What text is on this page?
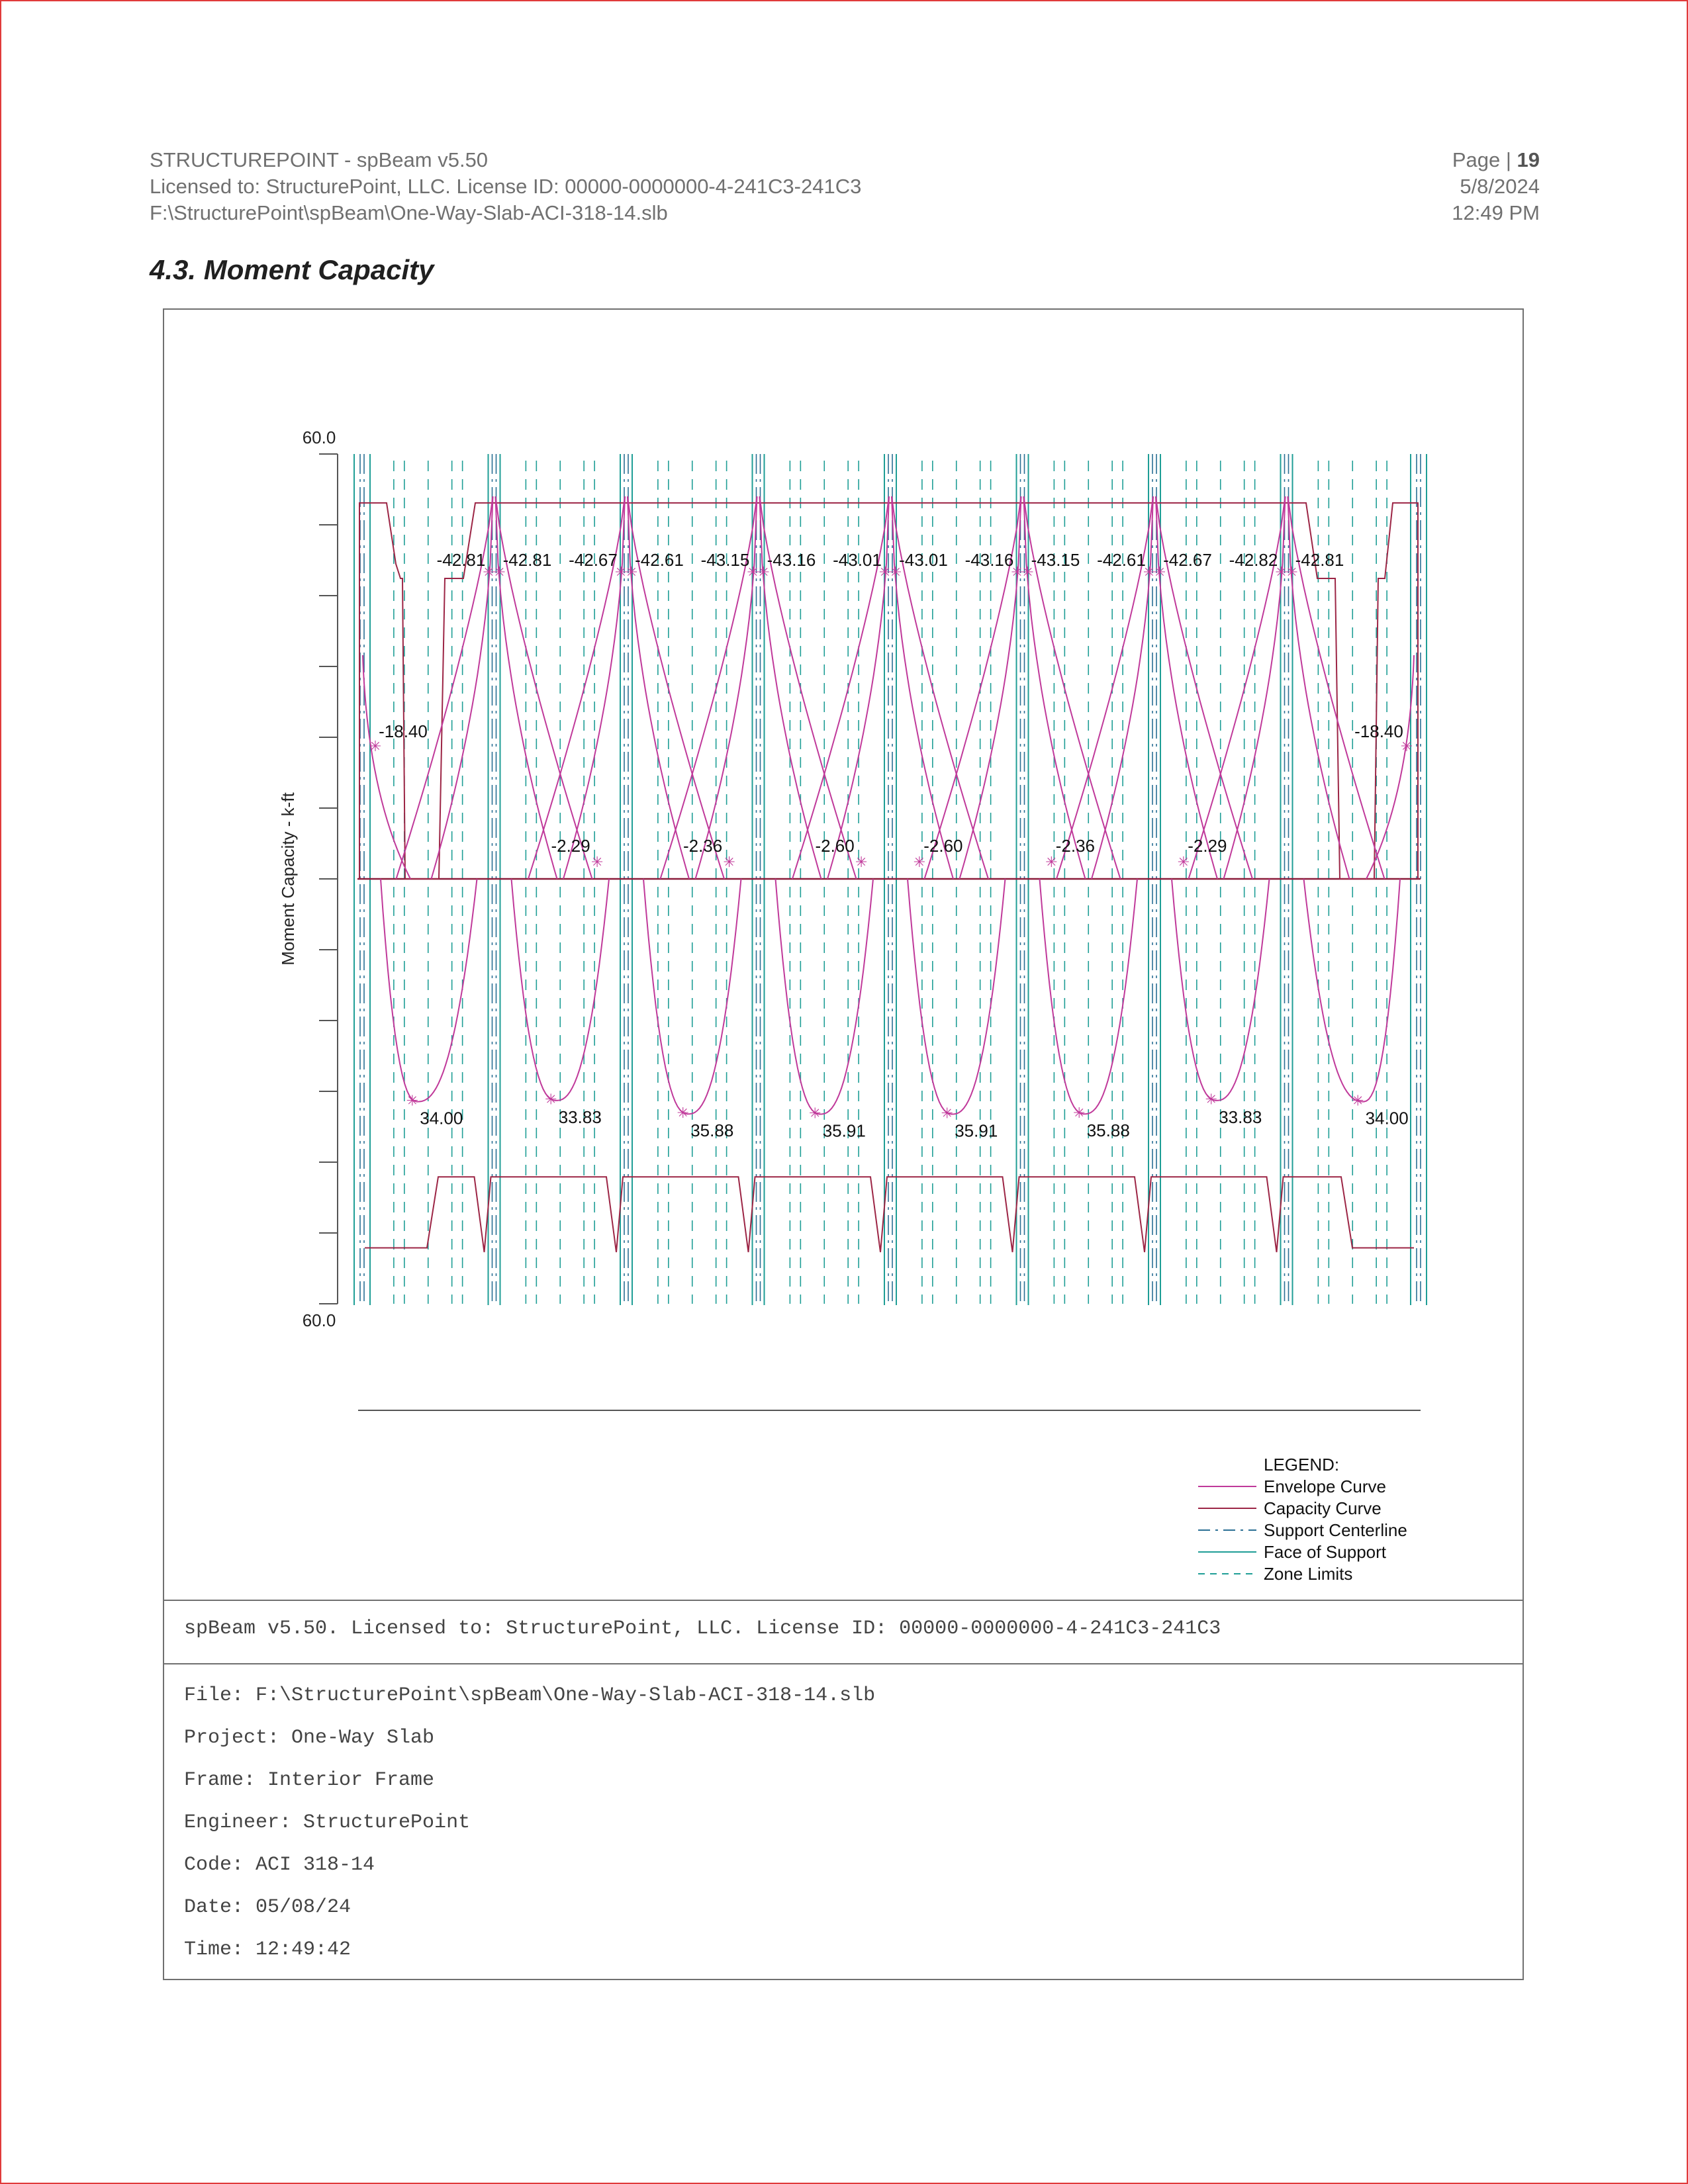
STRUCTUREPOINT - spBeam v5.50
Licensed to: StructurePoint, LLC. License ID: 00000-0000000-4-241C3-241C3
F:\StructurePoint\spBeam\One-Way-Slab-ACI-318-14.slb
Page | 19
5/8/2024
12:49 PM
4.3. Moment Capacity
60.0
60.0
Moment Capacity - k-ft
✳
34.00
✳
33.83	✳
35.88
✳
35.91
✳
35.91
✳
35.88
✳
33.83
✳
34.00
✳
-18.40
✳
-42.81
✳
-42.81
✳
-42.67
✳
-42.61
✳
-43.15
✳
-43.16
✳
-43.01
✳
-43.01
✳
-43.16
✳
-43.15
✳
-42.61
✳
-42.67
✳
-42.82
✳
-42.81
✳
-18.40
✳
-2.29
✳
-2.36
✳
-2.60
✳
-2.60
✳
-2.36
✳
-2.29
LEGEND:
Envelope Curve
Capacity Curve
Support Centerline
Face of Support
Zone Limits
spBeam v5.50. Licensed to: StructurePoint, LLC. License ID: 00000-0000000-4-241C3-241C3
File: F:\StructurePoint\spBeam\One-Way-Slab-ACI-318-14.slb
Project: One-Way Slab
Frame: Interior Frame
Engineer: StructurePoint
Code: ACI 318-14
Date: 05/08/24
Time: 12:49:42
